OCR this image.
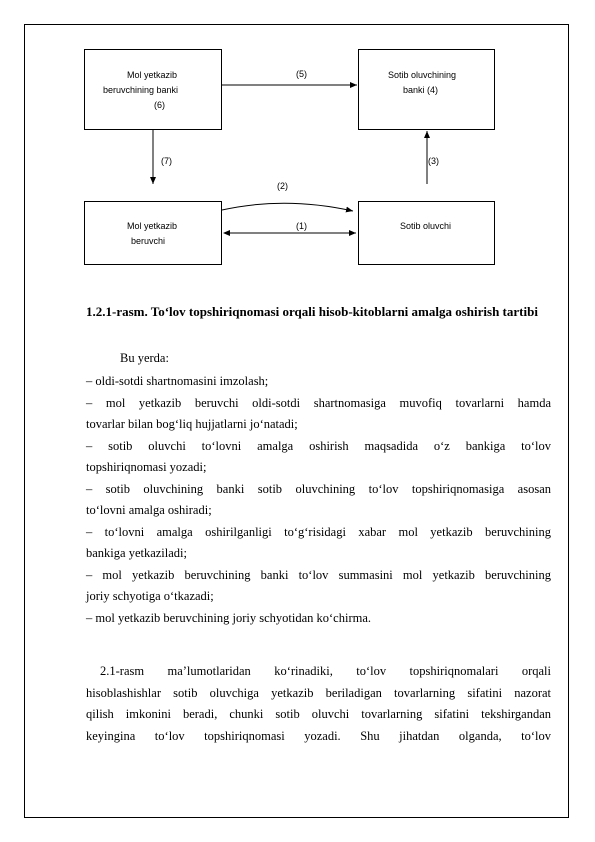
Mol yetkazib
beruvchining banki
(6)
Sotib oluvchining
banki (4)
Mol yetkazib
beruvchi
Sotib oluvchi
(5)
(7)	(3)
(2)
(1)
1.2.1-rasm. To‘lov topshiriqnomasi orqali hisob-kitoblarni amalga oshirish tartibi
Bu yerda:
– oldi-sotdi shartnomasini imzolash;
– mol yetkazib beruvchi oldi-sotdi shartnomasiga muvofiq tovarlarni hamda
tovarlar bilan bog‘liq hujjatlarni jo‘natadi;
– sotib oluvchi to‘lovni amalga oshirish maqsadida o‘z bankiga to‘lov
topshiriqnomasi yozadi;
– sotib oluvchining banki sotib oluvchining to‘lov topshiriqnomasiga asosan
to‘lovni amalga oshiradi;
– to‘lovni amalga oshirilganligi to‘g‘risidagi xabar mol yetkazib beruvchining
bankiga yetkaziladi;
– mol yetkazib beruvchining banki to‘lov summasini mol yetkazib beruvchining
joriy schyotiga o‘tkazadi;
– mol yetkazib beruvchining joriy schyotidan ko‘chirma.
2.1-rasm ma’lumotlaridan ko‘rinadiki, to‘lov topshiriqnomalari orqali
hisoblashishlar sotib oluvchiga yetkazib beriladigan tovarlarning sifatini nazorat
qilish imkonini beradi, chunki sotib oluvchi tovarlarning sifatini tekshirgandan
keyingina to‘lov topshiriqnomasi yozadi. Shu jihatdan olganda, to‘lov
